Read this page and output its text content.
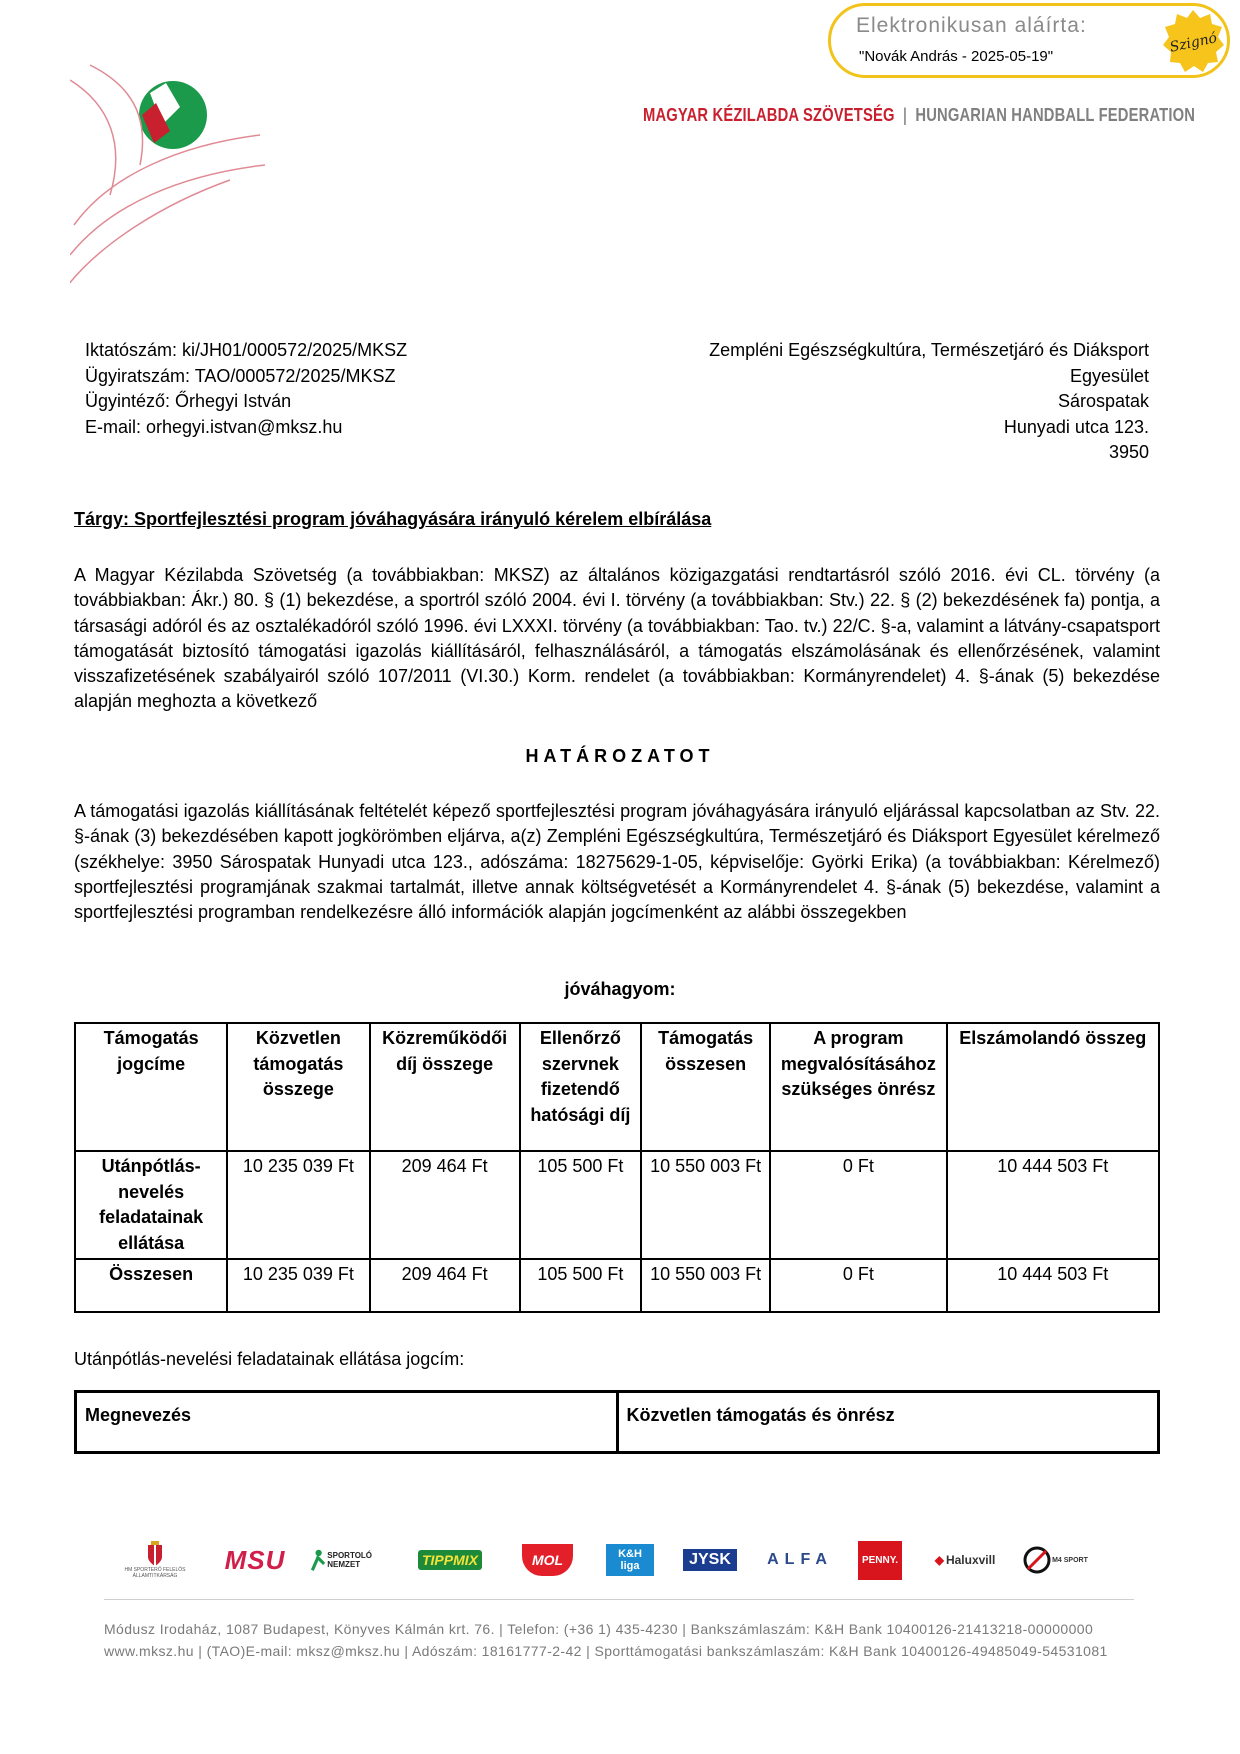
Elektronikusan aláírta:
"Novák András - 2025-05-19"
Szignó
MAGYAR KÉZILABDA SZÖVETSÉG | HUNGARIAN HANDBALL FEDERATION
Iktatószám: ki/JH01/000572/2025/MKSZ
Ügyiratszám: TAO/000572/2025/MKSZ
Ügyintéző: Őrhegyi István
E-mail: orhegyi.istvan@mksz.hu
Zempléni Egészségkultúra, Természetjáró és Diáksport
Egyesület
Sárospatak
Hunyadi utca 123.
3950
Tárgy: Sportfejlesztési program jóváhagyására irányuló kérelem elbírálása
A Magyar Kézilabda Szövetség (a továbbiakban: MKSZ) az általános közigazgatási rendtartásról szóló 2016. évi CL. törvény (a továbbiakban: Ákr.) 80. § (1) bekezdése, a sportról szóló 2004. évi I. törvény (a továbbiakban: Stv.) 22. § (2) bekezdésének fa) pontja, a társasági adóról és az osztalékadóról szóló 1996. évi LXXXI. törvény (a továbbiakban: Tao. tv.) 22/C. §-a, valamint a látvány-csapatsport támogatását biztosító támogatási igazolás kiállításáról, felhasználásáról, a támogatás elszámolásának és ellenőrzésének, valamint visszafizetésének szabályairól szóló 107/2011 (VI.30.) Korm. rendelet (a továbbiakban: Kormányrendelet) 4. §-ának (5) bekezdése alapján meghozta a következő
HATÁROZATOT
A támogatási igazolás kiállításának feltételét képező sportfejlesztési program jóváhagyására irányuló eljárással kapcsolatban az Stv. 22. §-ának (3) bekezdésében kapott jogkörömben eljárva, a(z) Zempléni Egészségkultúra, Természetjáró és Diáksport Egyesület kérelmező (székhelye: 3950 Sárospatak Hunyadi utca 123., adószáma: 18275629-1-05, képviselője: Györki Erika) (a továbbiakban: Kérelmező) sportfejlesztési programjának szakmai tartalmát, illetve annak költségvetését a Kormányrendelet 4. §-ának (5) bekezdése, valamint a sportfejlesztési programban rendelkezésre álló információk alapján jogcímenként az alábbi összegekben
jóváhagyom:
Támogatás jogcíme	Közvetlen támogatás összege	Közreműködői díj összege	Ellenőrző szervnek fizetendő hatósági díj	Támogatás összesen	A program megvalósításához szükséges önrész	Elszámolandó összeg
Utánpótlás-nevelés feladatainak ellátása	10 235 039 Ft	209 464 Ft	105 500 Ft	10 550 003 Ft	0 Ft	10 444 503 Ft
Összesen	10 235 039 Ft	209 464 Ft	105 500 Ft	10 550 003 Ft	0 Ft	10 444 503 Ft
Utánpótlás-nevelési feladatainak ellátása jogcím:
Megnevezés	Közvetlen támogatás és önrész
HM SPORTERŐ FELELŐS ÁLLAMTITKÁRSÁG
MSU	SPORTOLÓ NEMZET	TIPPMIX	MOL	K&H liga	JYSK	ALFA	PENNY.	◆ Haluxvill	M4 SPORT
Módusz Irodaház, 1087 Budapest, Könyves Kálmán krt. 76. | Telefon: (+36 1) 435-4230 | Bankszámlaszám: K&H Bank 10400126-21413218-00000000
www.mksz.hu | (TAO)E-mail: mksz@mksz.hu | Adószám: 18161777-2-42 | Sporttámogatási bankszámlaszám: K&H Bank 10400126-49485049-54531081
